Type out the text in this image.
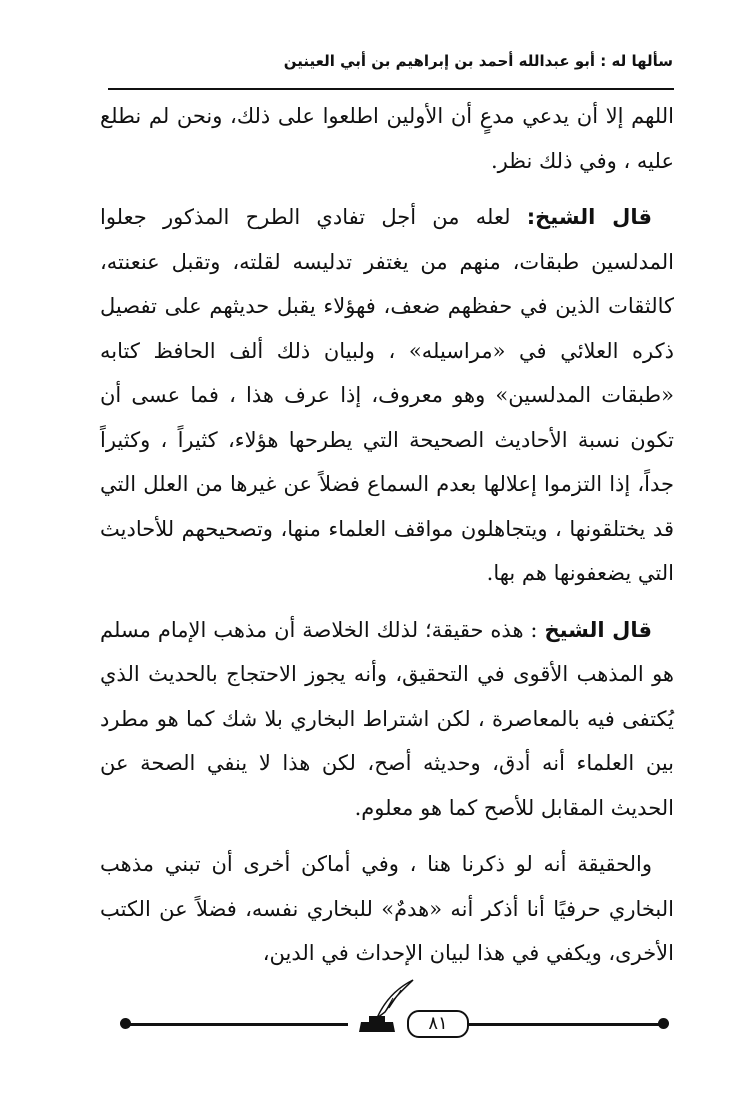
سألها له : أبو عبدالله أحمد بن إبراهيم بن أبي العينين

اللهم إلا أن يدعي مدعٍ أن الأولين اطلعوا على ذلك، ونحن لم نطلع عليه ، وفي ذلك نظر.

قال الشيخ: لعله من أجل تفادي الطرح المذكور جعلوا المدلسين طبقات، منهم من يغتفر تدليسه لقلته، وتقبل عنعنته، كالثقات الذين في حفظهم ضعف، فهؤلاء يقبل حديثهم على تفصيل ذكره العلائي في «مراسيله» ، ولبيان ذلك ألف الحافظ كتابه «طبقات المدلسين» وهو معروف، إذا عرف هذا ، فما عسى أن تكون نسبة الأحاديث الصحيحة التي يطرحها هؤلاء، كثيراً ، وكثيراً جداً، إذا التزموا إعلالها بعدم السماع فضلاً عن غيرها من العلل التي قد يختلقونها ، ويتجاهلون مواقف العلماء منها، وتصحيحهم للأحاديث التي يضعفونها هم بها.

قال الشيخ : هذه حقيقة؛ لذلك الخلاصة أن مذهب الإمام مسلم هو المذهب الأقوى في التحقيق، وأنه يجوز الاحتجاج بالحديث الذي يُكتفى فيه بالمعاصرة ، لكن اشتراط البخاري بلا شك كما هو مطرد بين العلماء أنه أدق، وحديثه أصح، لكن هذا لا ينفي الصحة عن الحديث المقابل للأصح كما هو معلوم.

والحقيقة أنه لو ذكرنا هنا ، وفي أماكن أخرى أن تبني مذهب البخاري حرفيًا أنا أذكر أنه «هدمٌ» للبخاري نفسه، فضلاً عن الكتب الأخرى، ويكفي في هذا لبيان الإحداث في الدين،

٨١
